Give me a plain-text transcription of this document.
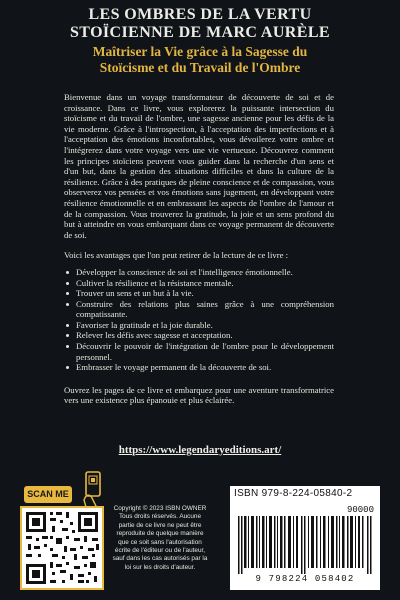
LES OMBRES DE LA VERTU
STOÏCIENNE DE MARC AURÈLE
Maîtriser la Vie grâce à la Sagesse du
Stoïcisme et du Travail de l'Ombre

Bienvenue dans un voyage transformateur de découverte de soi et de croissance. Dans ce livre, vous explorerez la puissante intersection du stoïcisme et du travail de l'ombre, une sagesse ancienne pour les défis de la vie moderne. Grâce à l'introspection, à l'acceptation des imperfections et à l'acceptation des émotions inconfortables, vous dévoilerez votre ombre et l'intégrerez dans votre voyage vers une vie vertueuse. Découvrez comment les principes stoïciens peuvent vous guider dans la recherche d'un sens et d'un but, dans la gestion des situations difficiles et dans la culture de la résilience. Grâce à des pratiques de pleine conscience et de compassion, vous observerez vos pensées et vos émotions sans jugement, en développant votre résilience émotionnelle et en embrassant les aspects de l'ombre de l'amour et de la compassion. Vous trouverez la gratitude, la joie et un sens profond du but à atteindre en vous embarquant dans ce voyage permanent de découverte de soi.

Voici les avantages que l'on peut retirer de la lecture de ce livre :

Développer la conscience de soi et l'intelligence émotionnelle.
Cultiver la résilience et la résistance mentale.
Trouver un sens et un but à la vie.
Construire des relations plus saines grâce à une compréhension compatissante.
Favoriser la gratitude et la joie durable.
Relever les défis avec sagesse et acceptation.
Découvrir le pouvoir de l'intégration de l'ombre pour le développement personnel.
Embrasser le voyage permanent de la découverte de soi.

Ouvrez les pages de ce livre et embarquez pour une aventure transformatrice vers une existence plus épanouie et plus éclairée.

https://www.legendaryeditions.art/
SCAN ME
Copyright © 2023 ISBN OWNER Tous droits réservés. Aucune partie de ce livre ne peut être reproduite de quelque manière que ce soit sans l'autorisation écrite de l'éditeur ou de l'auteur, sauf dans les cas autorisés par la loi sur les droits d'auteur.
ISBN 979-8-224-05840-2
90000
9 798224 058402
